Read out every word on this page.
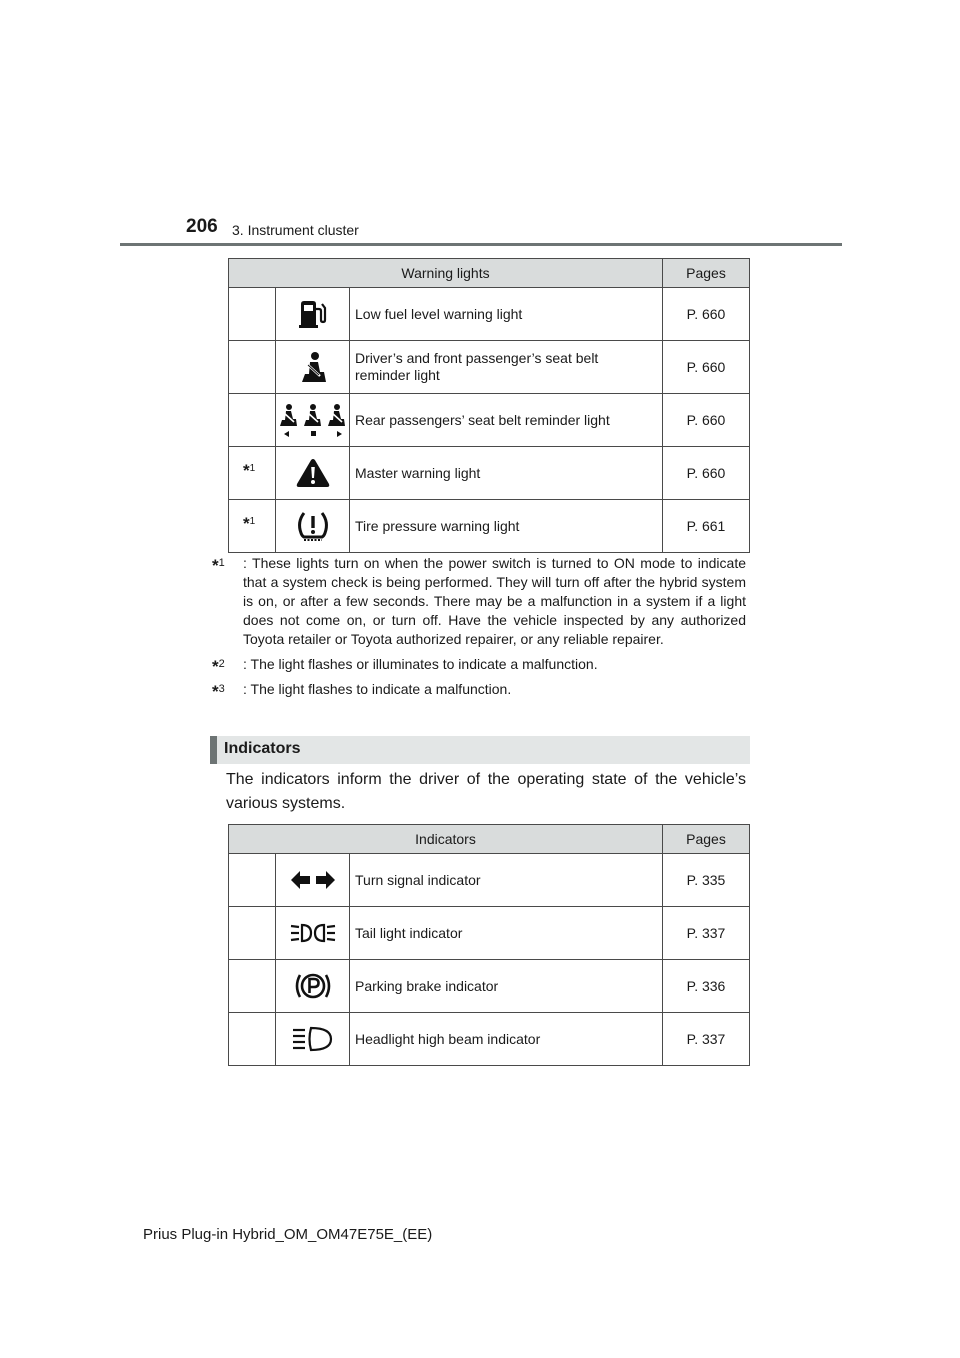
206 3. Instrument cluster
Warning lights			Pages

	Low fuel level warning light	P. 660

	Driver’s and front passenger’s seat belt reminder light	P. 660

	Rear passengers’ seat belt reminder light	P. 660
*$^1$		Master warning light	P. 660
*$^1$		Tire pressure warning light	P. 661
*$^1$ : These lights turn on when the power switch is turned to ON mode to indicate that a system check is being performed. They will turn off after the hybrid system is on, or after a few seconds. There may be a malfunction in a system if a light does not come on, or turn off. Have the vehicle inspected by any authorized Toyota retailer or Toyota authorized repairer, or any reliable repairer.
*$^2$ : The light flashes or illuminates to indicate a malfunction.
*$^3$ : The light flashes to indicate a malfunction.
Indicators
The indicators inform the driver of the operating state of the vehicle’s various systems.
Indicators			Pages

	Turn signal indicator	P. 335

	Tail light indicator	P. 337

	Parking brake indicator	P. 336

	Headlight high beam indicator	P. 337
Prius Plug-in Hybrid_OM_OM47E75E_(EE)
